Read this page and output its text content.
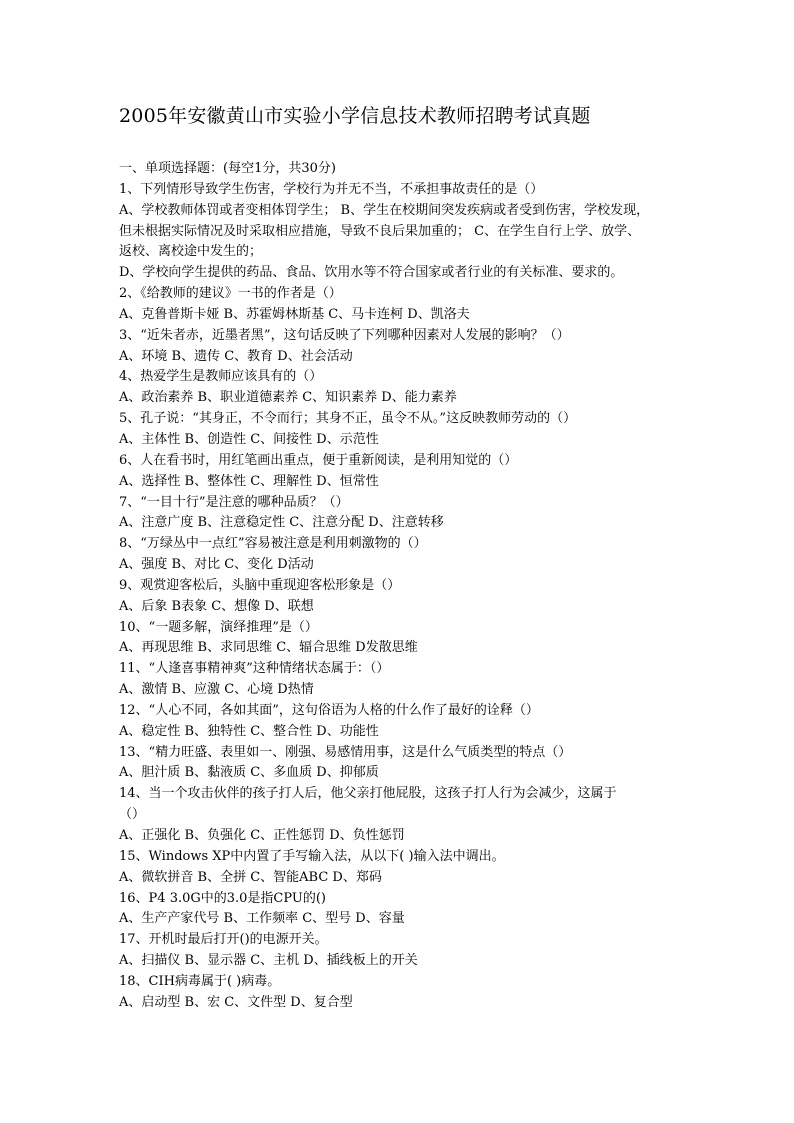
2005年安徽黄山市实验小学信息技术教师招聘考试真题
一、单项选择题：(每空1分，共30分)
1、下列情形导致学生伤害，学校行为并无不当，不承担事故责任的是（）
A、学校教师体罚或者变相体罚学生； B、学生在校期间突发疾病或者受到伤害，学校发现，
但未根据实际情况及时采取相应措施，导致不良后果加重的； C、在学生自行上学、放学、
返校、离校途中发生的；
D、学校向学生提供的药品、食品、饮用水等不符合国家或者行业的有关标准、要求的。
2、《给教师的建议》一书的作者是（）
A、克鲁普斯卡娅 B、苏霍姆林斯基 C、马卡连柯 D、凯洛夫
3、“近朱者赤，近墨者黑”，这句话反映了下列哪种因素对人发展的影响？（）
A、环境 B、遗传 C、教育 D、社会活动
4、热爱学生是教师应该具有的（）
A、政治素养 B、职业道德素养 C、知识素养 D、能力素养
5、孔子说：“其身正，不令而行；其身不正，虽令不从。”这反映教师劳动的（）
A、主体性 B、创造性 C、间接性 D、示范性
6、人在看书时，用红笔画出重点，便于重新阅读，是利用知觉的（）
A、选择性 B、整体性 C、理解性 D、恒常性
7、“一目十行”是注意的哪种品质？（）
A、注意广度 B、注意稳定性 C、注意分配 D、注意转移
8、“万绿丛中一点红”容易被注意是利用刺激物的（）
A、强度 B、对比 C、变化 D活动
9、观赏迎客松后，头脑中重现迎客松形象是（）
A、后象 B表象 C、想像 D、联想
10、“一题多解，演绎推理”是（）
A、再现思维 B、求同思维 C、辐合思维 D发散思维
11、“人逢喜事精神爽”这种情绪状态属于：（）
A、激情 B、应激 C、心境 D热情
12、“人心不同，各如其面”，这句俗语为人格的什么作了最好的诠释（）
A、稳定性 B、独特性 C、整合性 D、功能性
13、“精力旺盛、表里如一、刚强、易感情用事，这是什么气质类型的特点（）
A、胆汁质 B、黏液质 C、多血质 D、抑郁质
14、当一个攻击伙伴的孩子打人后，他父亲打他屁股，这孩子打人行为会减少，这属于
（）
A、正强化 B、负强化 C、正性惩罚 D、负性惩罚
15、Windows XP中内置了手写输入法，从以下( )输入法中调出。
A、微软拼音 B、全拼 C、智能ABC D、郑码
16、P4 3.0G中的3.0是指CPU的()
A、生产产家代号 B、工作频率 C、型号 D、容量
17、开机时最后打开()的电源开关。
A、扫描仪 B、显示器 C、主机 D、插线板上的开关
18、CIH病毒属于( )病毒。
A、启动型 B、宏 C、文件型 D、复合型
